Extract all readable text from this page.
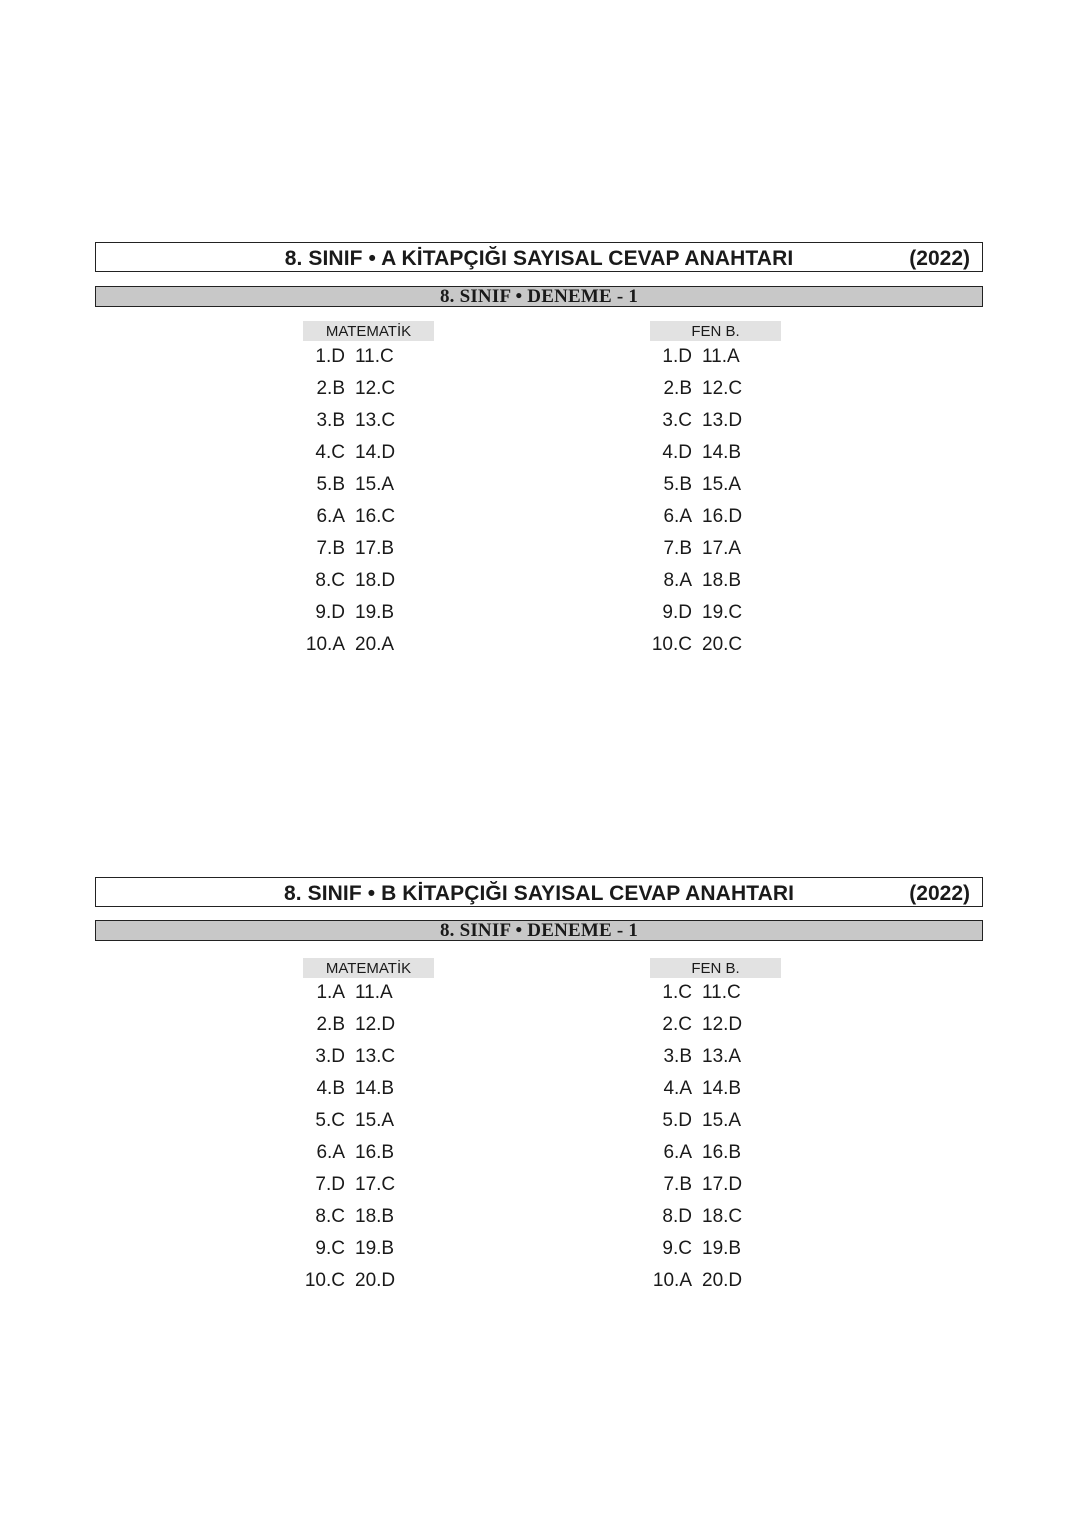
8. SINIF • A KİTAPÇIĞI SAYISAL CEVAP ANAHTARI	(2022)
8. SINIF • DENEME - 1
MATEMATİK
1.D 11.C
2.B 12.C
3.B 13.C
4.C 14.D
5.B 15.A
6.A 16.C
7.B 17.B
8.C 18.D
9.D 19.B
10.A 20.A
FEN B.
1.D 11.A
2.B 12.C
3.C 13.D
4.D 14.B
5.B 15.A
6.A 16.D
7.B 17.A
8.A 18.B
9.D 19.C
10.C 20.C
8. SINIF • B KİTAPÇIĞI SAYISAL CEVAP ANAHTARI	(2022)
8. SINIF • DENEME - 1
MATEMATİK
1.A 11.A
2.B 12.D
3.D 13.C
4.B 14.B
5.C 15.A
6.A 16.B
7.D 17.C
8.C 18.B
9.C 19.B
10.C 20.D
FEN B.
1.C 11.C
2.C 12.D
3.B 13.A
4.A 14.B
5.D 15.A
6.A 16.B
7.B 17.D
8.D 18.C
9.C 19.B
10.A 20.D
